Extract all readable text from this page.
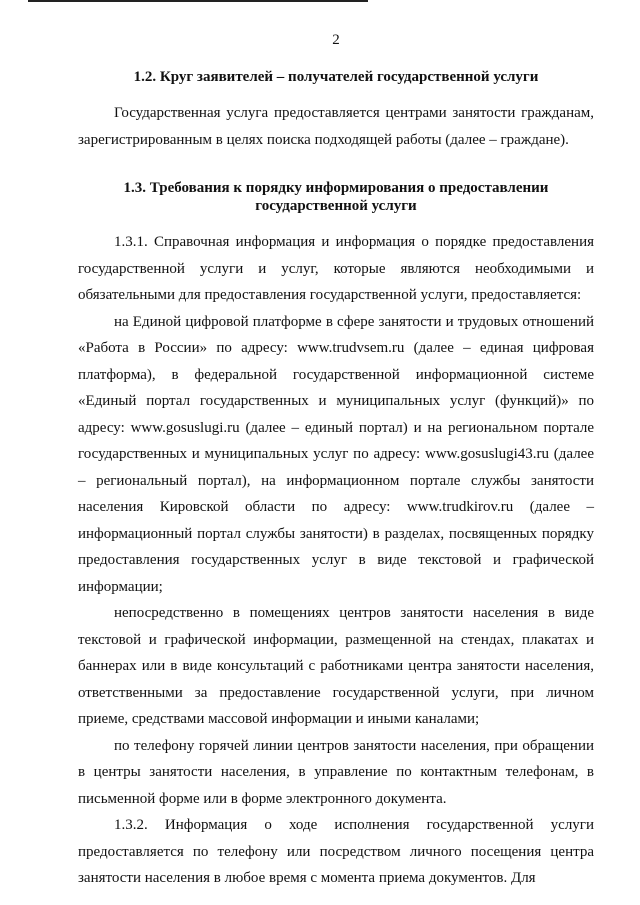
2
1.2. Круг заявителей – получателей государственной услуги

Государственная услуга предоставляется центрами занятости гражданам, зарегистрированным в целях поиска подходящей работы (далее – граждане).

1.3. Требования к порядку информирования о предоставлении государственной услуги

1.3.1. Справочная информация и информация о порядке предоставления государственной услуги и услуг, которые являются необходимыми и обязательными для предоставления государственной услуги, предоставляется:

на Единой цифровой платформе в сфере занятости и трудовых отношений «Работа в России» по адресу: www.trudvsem.ru (далее – единая цифровая платформа), в федеральной государственной информационной системе «Единый портал государственных и муниципальных услуг (функций)» по адресу: www.gosuslugi.ru (далее – единый портал) и на региональном портале государственных и муниципальных услуг по адресу: www.gosuslugi43.ru (далее – региональный портал), на информационном портале службы занятости населения Кировской области по адресу: www.trudkirov.ru (далее – информационный портал службы занятости) в разделах, посвященных порядку предоставления государственных услуг в виде текстовой и графической информации;

непосредственно в помещениях центров занятости населения в виде текстовой и графической информации, размещенной на стендах, плакатах и баннерах или в виде консультаций с работниками центра занятости населения, ответственными за предоставление государственной услуги, при личном приеме, средствами массовой информации и иными каналами;

по телефону горячей линии центров занятости населения, при обращении в центры занятости населения, в управление по контактным телефонам, в письменной форме или в форме электронного документа.

1.3.2. Информация о ходе исполнения государственной услуги предоставляется по телефону или посредством личного посещения центра занятости населения в любое время с момента приема документов. Для
